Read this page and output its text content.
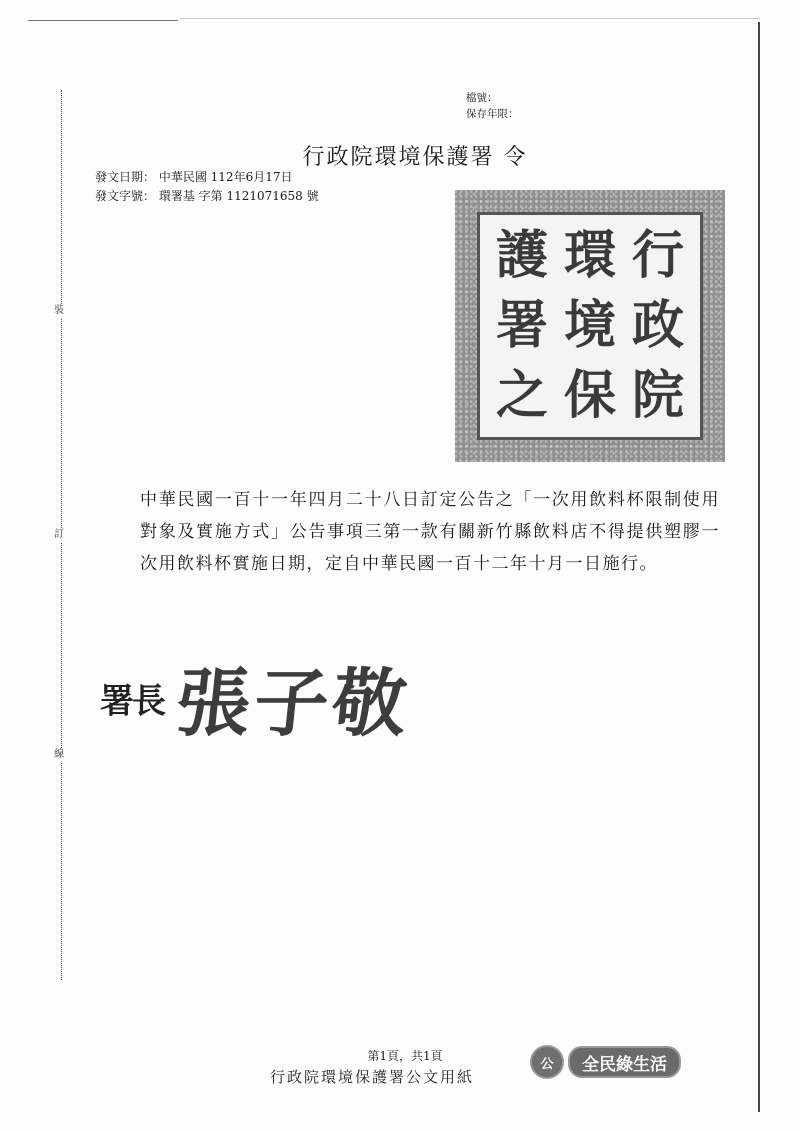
裝
訂
線
檔號：
保存年限：
行政院環境保護署 令
發文日期： 中華民國 112年6月17日
發文字號： 環署基 字第 1121071658 號
行
政
院
環
境
保
護
署
之
中華民國一百十一年四月二十八日訂定公告之「一次用飲料杯限制使用對象及實施方式」公告事項三第一款有關新竹縣飲料店不得提供塑膠一次用飲料杯實施日期，定自中華民國一百十二年十月一日施行。
署長 張子敬
第1頁，共1頁
行政院環境保護署公文用紙
公	全民綠生活
